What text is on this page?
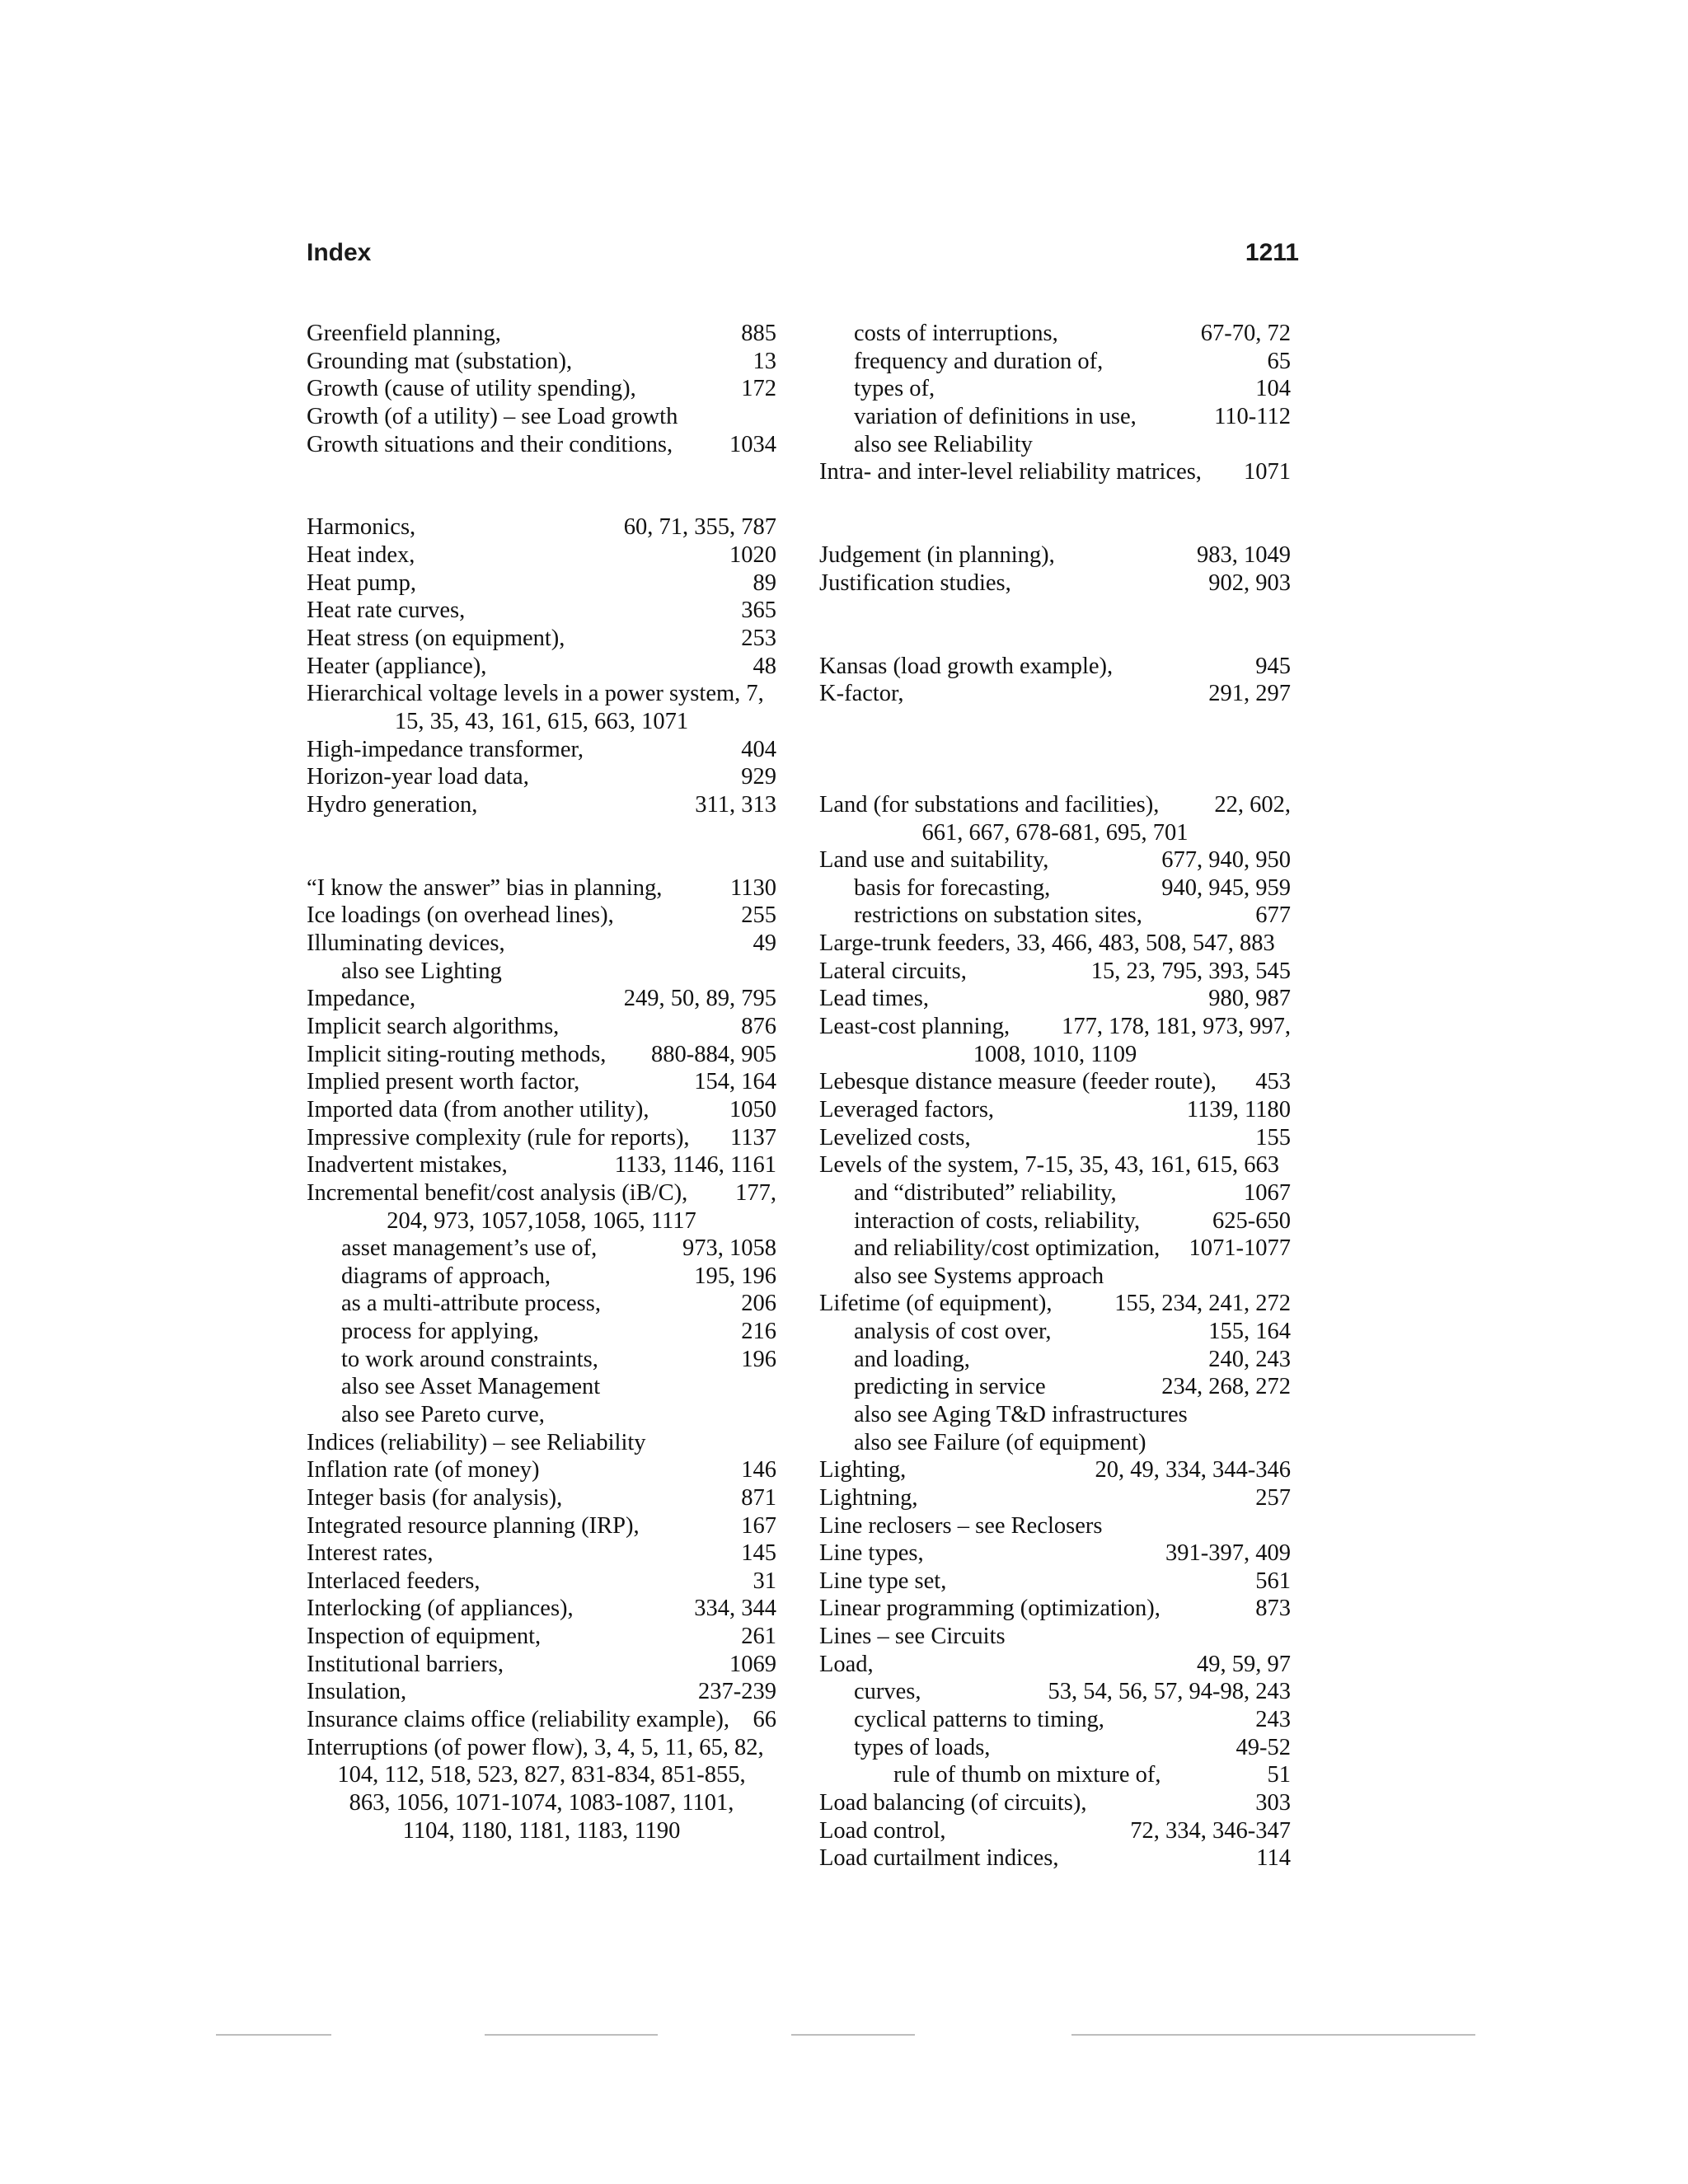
Index	1211
Greenfield planning,	885
Grounding mat (substation),	13
Growth (cause of utility spending),	172
Growth (of a utility) – see Load growth
Growth situations and their conditions, 1034
Harmonics,	60, 71, 355, 787
Heat index,	1020
Heat pump,	89
Heat rate curves,	365
Heat stress (on equipment),	253
Heater (appliance),	48
Hierarchical voltage levels in a power system, 7,
15, 35, 43, 161, 615, 663, 1071
High-impedance transformer,	404
Horizon-year load data,	929
Hydro generation,	311, 313
“I know the answer” bias in planning,	1130
Ice loadings (on overhead lines),	255
Illuminating devices,	49
also see Lighting
Impedance,	249, 50, 89, 795
Implicit search algorithms,	876
Implicit siting-routing methods, 880-884, 905
Implied present worth factor,	154, 164
Imported data (from another utility),	1050
Impressive complexity (rule for reports), 1137
Inadvertent mistakes,	1133, 1146, 1161
Incremental benefit/cost analysis (iB/C), 177,
204, 973, 1057,1058, 1065, 1117
asset management’s use of,	973, 1058
diagrams of approach,	195, 196
as a multi-attribute process,	206
process for applying,	216
to work around constraints,	196
also see Asset Management
also see Pareto curve,
Indices (reliability) – see Reliability
Inflation rate (of money)	146
Integer basis (for analysis),	871
Integrated resource planning (IRP),	167
Interest rates,	145
Interlaced feeders,	31
Interlocking (of appliances),	334, 344
Inspection of equipment,	261
Institutional barriers,	1069
Insulation,	237-239
Insurance claims office (reliability example), 66
Interruptions (of power flow), 3, 4, 5, 11, 65, 82,
104, 112, 518, 523, 827, 831-834, 851-855,
863, 1056, 1071-1074, 1083-1087, 1101,
1104, 1180, 1181, 1183, 1190
costs of interruptions,	67-70, 72
frequency and duration of,	65
types of,	104
variation of definitions in use,	110-112
also see Reliability
Intra- and inter-level reliability matrices, 1071
Judgement (in planning),	983, 1049
Justification studies,	902, 903
Kansas (load growth example),	945
K-factor,	291, 297
Land (for substations and facilities), 22, 602,
661, 667, 678-681, 695, 701
Land use and suitability,	677, 940, 950
basis for forecasting,	940, 945, 959
restrictions on substation sites,	677
Large-trunk feeders, 33, 466, 483, 508, 547, 883
Lateral circuits,	15, 23, 795, 393, 545
Lead times,	980, 987
Least-cost planning, 177, 178, 181, 973, 997,
1008, 1010, 1109
Lebesque distance measure (feeder route), 453
Leveraged factors,	1139, 1180
Levelized costs,	155
Levels of the system, 7-15, 35, 43, 161, 615, 663
and “distributed” reliability,	1067
interaction of costs, reliability,	625-650
and reliability/cost optimization, 1071-1077
also see Systems approach
Lifetime (of equipment),	155, 234, 241, 272
analysis of cost over,	155, 164
and loading,	240, 243
predicting in service	234, 268, 272
also see Aging T&D infrastructures
also see Failure (of equipment)
Lighting,	20, 49, 334, 344-346
Lightning,	257
Line reclosers – see Reclosers
Line types,	391-397, 409
Line type set,	561
Linear programming (optimization),	873
Lines – see Circuits
Load,	49, 59, 97
curves,	53, 54, 56, 57, 94-98, 243
cyclical patterns to timing,	243
types of loads,	49-52
rule of thumb on mixture of,	51
Load balancing (of circuits),	303
Load control,	72, 334, 346-347
Load curtailment indices,	114
